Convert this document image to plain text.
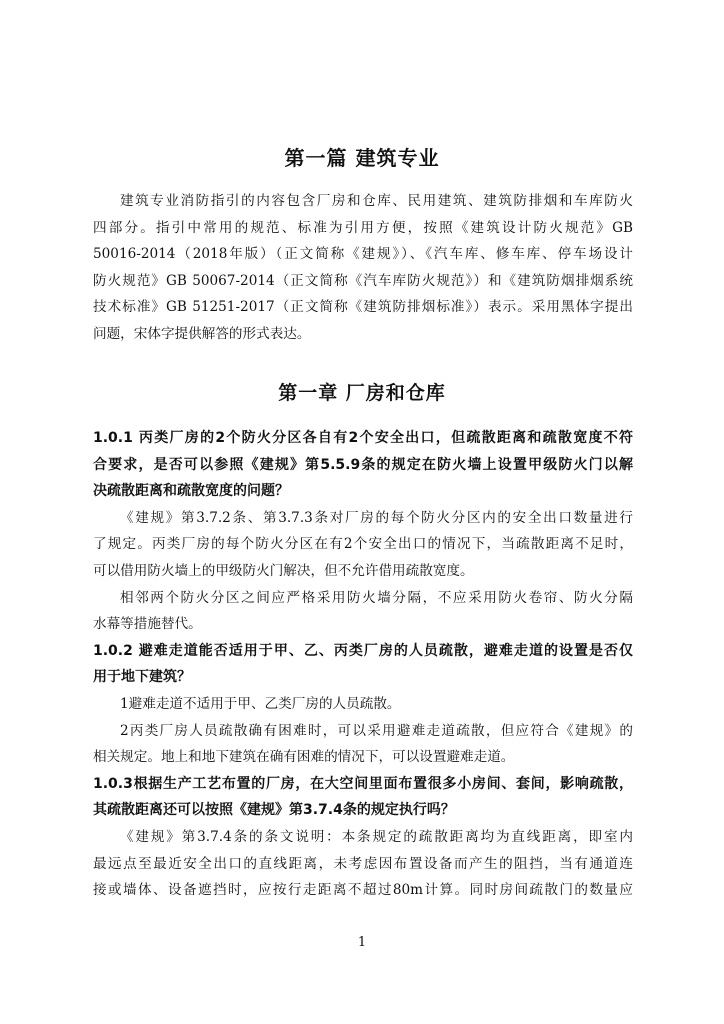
第一篇 建筑专业
建筑专业消防指引的内容包含厂房和仓库、民用建筑、建筑防排烟和车库防火
四部分。指引中常用的规范、标准为引用方便，按照《建筑设计防火规范》GB
50016-2014（2018年版）（正文简称《建规》）、《汽车库、修车库、停车场设计
防火规范》GB 50067-2014（正文简称《汽车库防火规范》）和《建筑防烟排烟系统
技术标准》GB 51251-2017（正文简称《建筑防排烟标准》）表示。采用黑体字提出
问题，宋体字提供解答的形式表达。
第一章 厂房和仓库
1.0.1 丙类厂房的2个防火分区各自有2个安全出口，但疏散距离和疏散宽度不符
合要求，是否可以参照《建规》第5.5.9条的规定在防火墙上设置甲级防火门以解
决疏散距离和疏散宽度的问题？
《建规》第3.7.2条、第3.7.3条对厂房的每个防火分区内的安全出口数量进行
了规定。丙类厂房的每个防火分区在有2个安全出口的情况下，当疏散距离不足时，
可以借用防火墙上的甲级防火门解决，但不允许借用疏散宽度。
相邻两个防火分区之间应严格采用防火墙分隔，不应采用防火卷帘、防火分隔
水幕等措施替代。
1.0.2 避难走道能否适用于甲、乙、丙类厂房的人员疏散，避难走道的设置是否仅
用于地下建筑？
1避难走道不适用于甲、乙类厂房的人员疏散。
2丙类厂房人员疏散确有困难时，可以采用避难走道疏散，但应符合《建规》的
相关规定。地上和地下建筑在确有困难的情况下，可以设置避难走道。
1.0.3根据生产工艺布置的厂房，在大空间里面布置很多小房间、套间，影响疏散，
其疏散距离还可以按照《建规》第3.7.4条的规定执行吗？
《建规》第3.7.4条的条文说明：本条规定的疏散距离均为直线距离，即室内
最远点至最近安全出口的直线距离，未考虑因布置设备而产生的阻挡，当有通道连
接或墙体、设备遮挡时，应按行走距离不超过80m计算。同时房间疏散门的数量应
1
